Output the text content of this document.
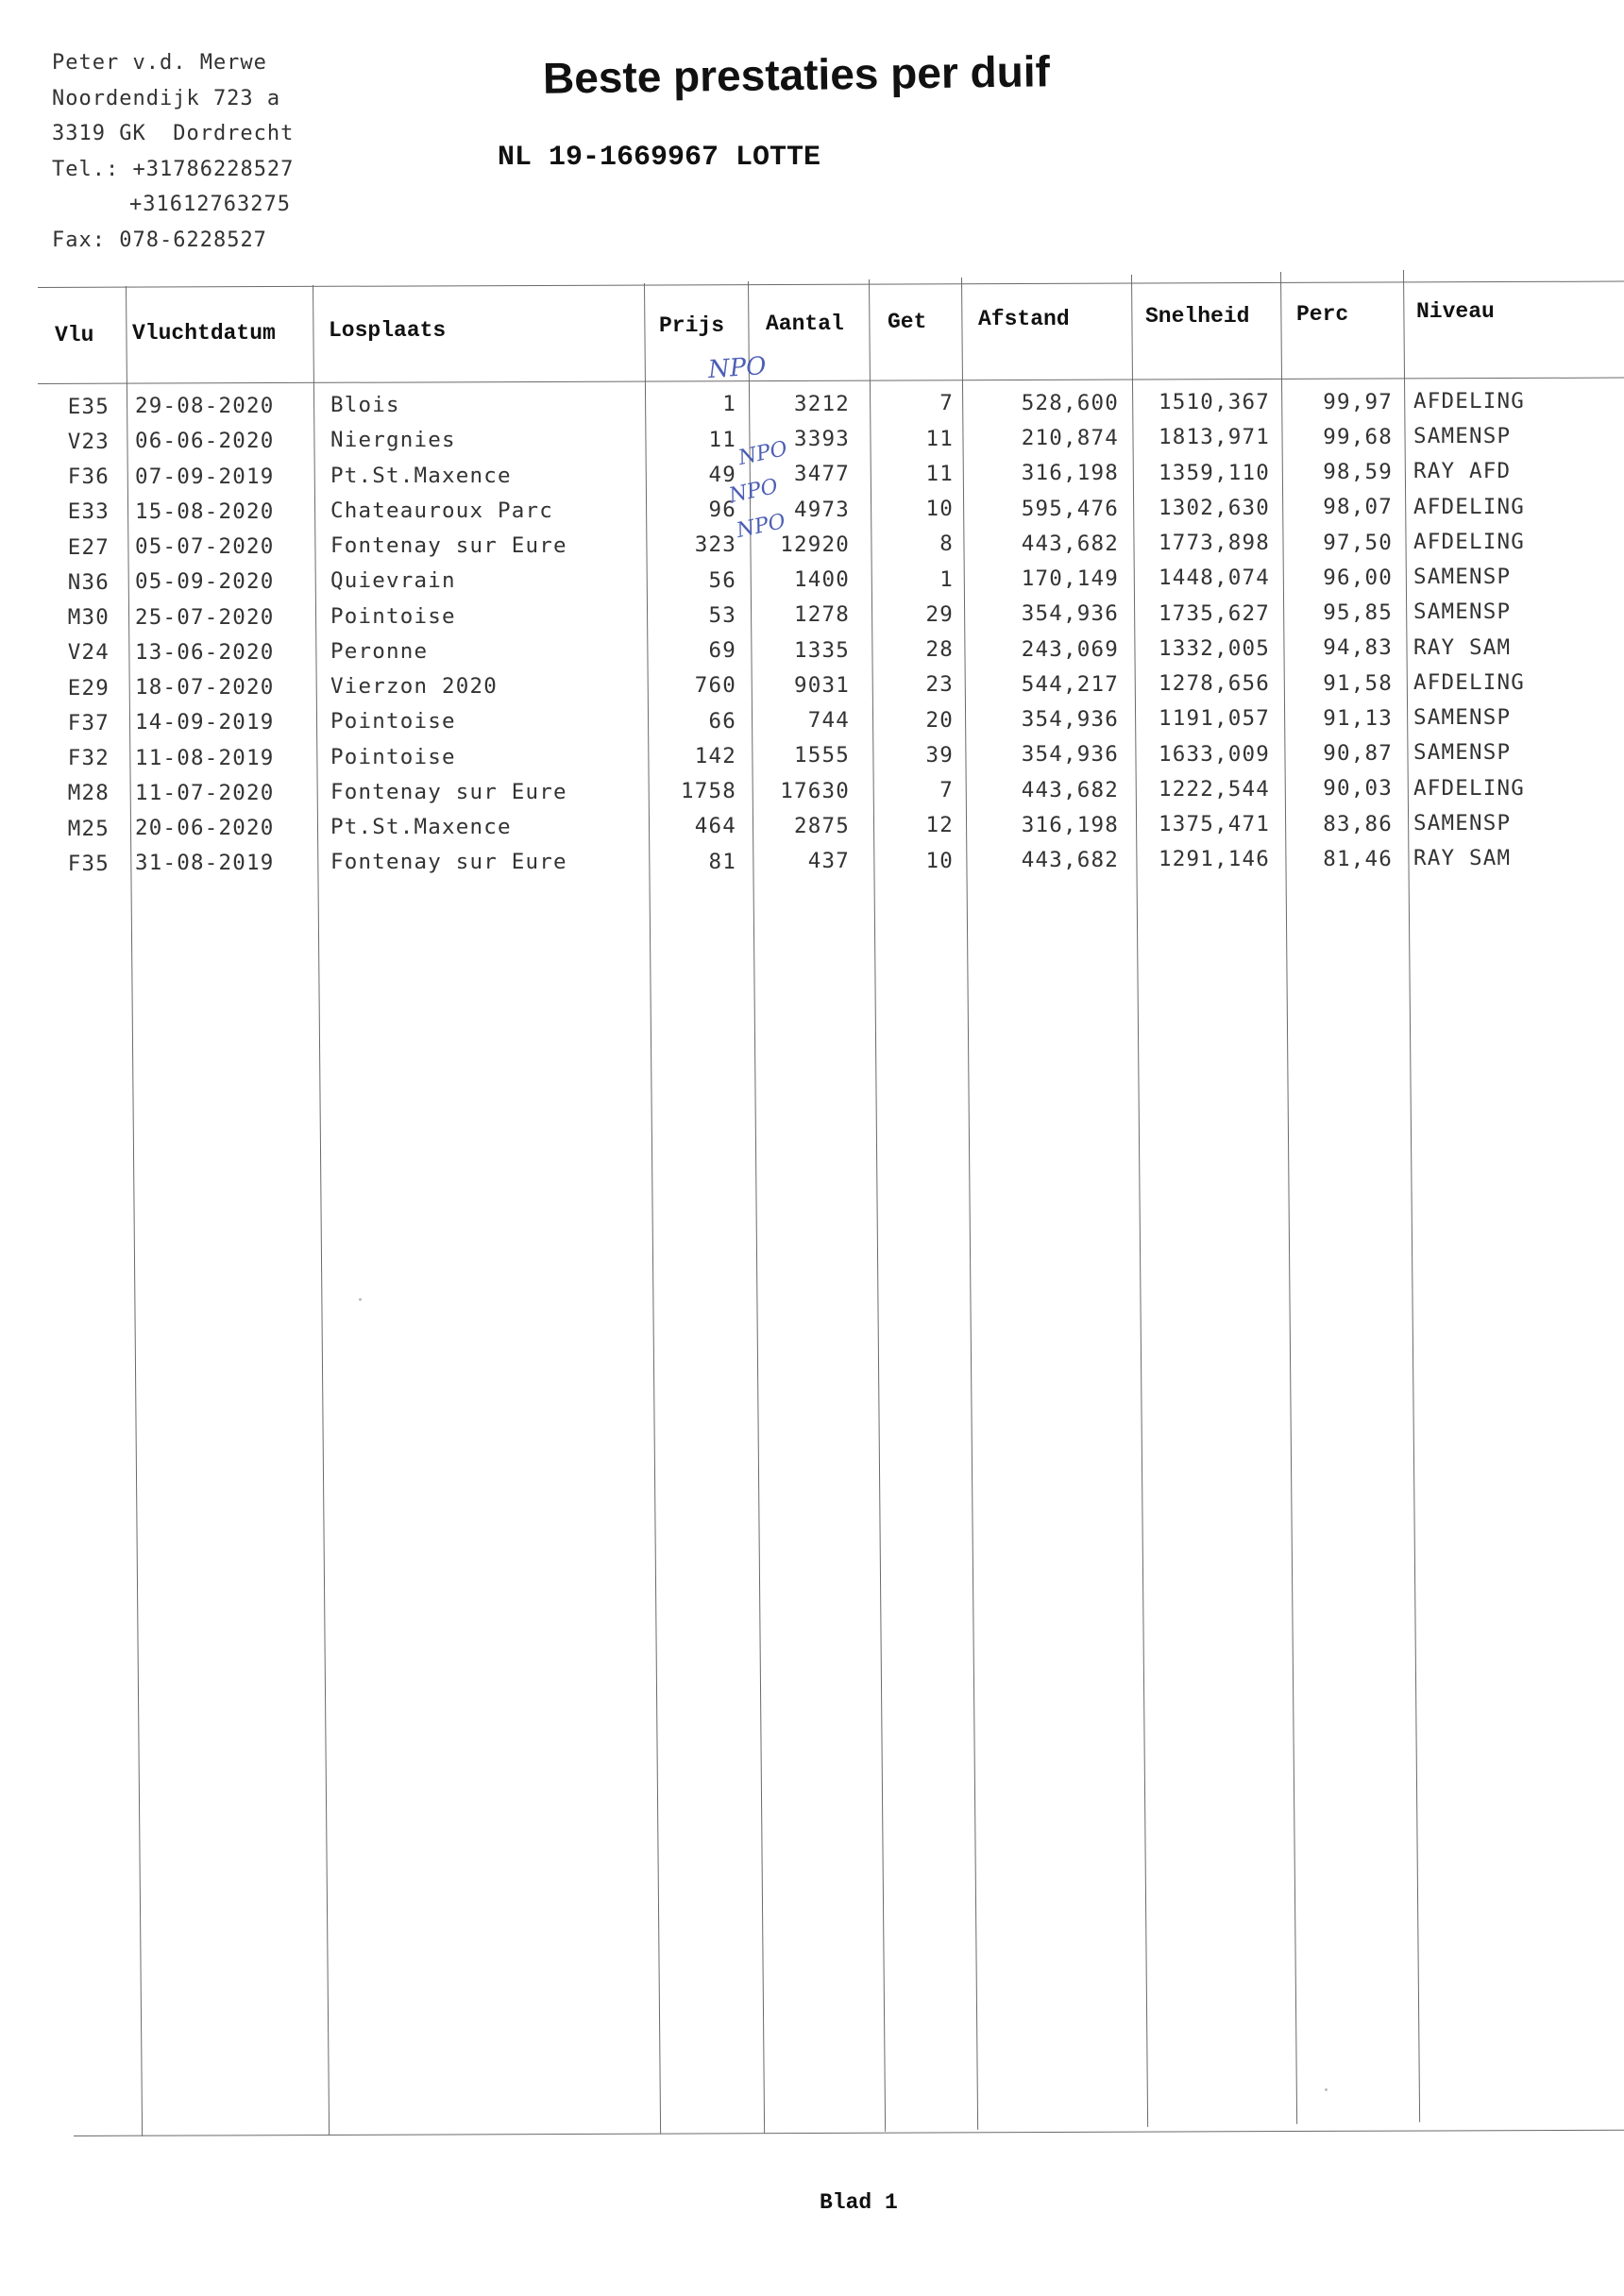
Peter v.d. Merwe
Noordendijk 723 a
3319 GK  Dordrecht
Tel.: +31786228527
+31612763275
Fax: 078-6228527
Beste prestaties per duif
NL 19-1669967 LOTTE
Vlu Vluchtdatum Losplaats	Prijs Aantal Get Afstand	Snelheid Perc	Niveau
E35 29-08-2020	Blois	1	3212	7	528,600	1510,367	99,97 AFDELING
V23 06-06-2020	Niergnies	11	3393	11	210,874	1813,971	99,68 SAMENSP
F36 07-09-2019	Pt.St.Maxence	49	3477	11	316,198	1359,110	98,59 RAY AFD
E33 15-08-2020	Chateauroux Parc	96	4973	10	595,476	1302,630	98,07 AFDELING
E27 05-07-2020	Fontenay sur Eure	323	12920	8	443,682	1773,898	97,50 AFDELING
N36 05-09-2020	Quievrain	56	1400	1	170,149	1448,074	96,00 SAMENSP
M30 25-07-2020	Pointoise	53	1278	29	354,936	1735,627	95,85 SAMENSP
V24 13-06-2020	Peronne	69	1335	28	243,069	1332,005	94,83 RAY SAM
E29 18-07-2020	Vierzon 2020	760	9031	23	544,217	1278,656	91,58 AFDELING
F37 14-09-2019	Pointoise	66	744	20	354,936	1191,057	91,13 SAMENSP
F32 11-08-2019	Pointoise	142	1555	39	354,936	1633,009	90,87 SAMENSP
M28 11-07-2020	Fontenay sur Eure	1758	17630	7	443,682	1222,544	90,03 AFDELING
M25 20-06-2020	Pt.St.Maxence	464	2875	12	316,198	1375,471	83,86 SAMENSP
F35 31-08-2019	Fontenay sur Eure	81	437	10	443,682	1291,146	81,46 RAY SAM
NPO
NPO
NPO
NPO
Blad 1
